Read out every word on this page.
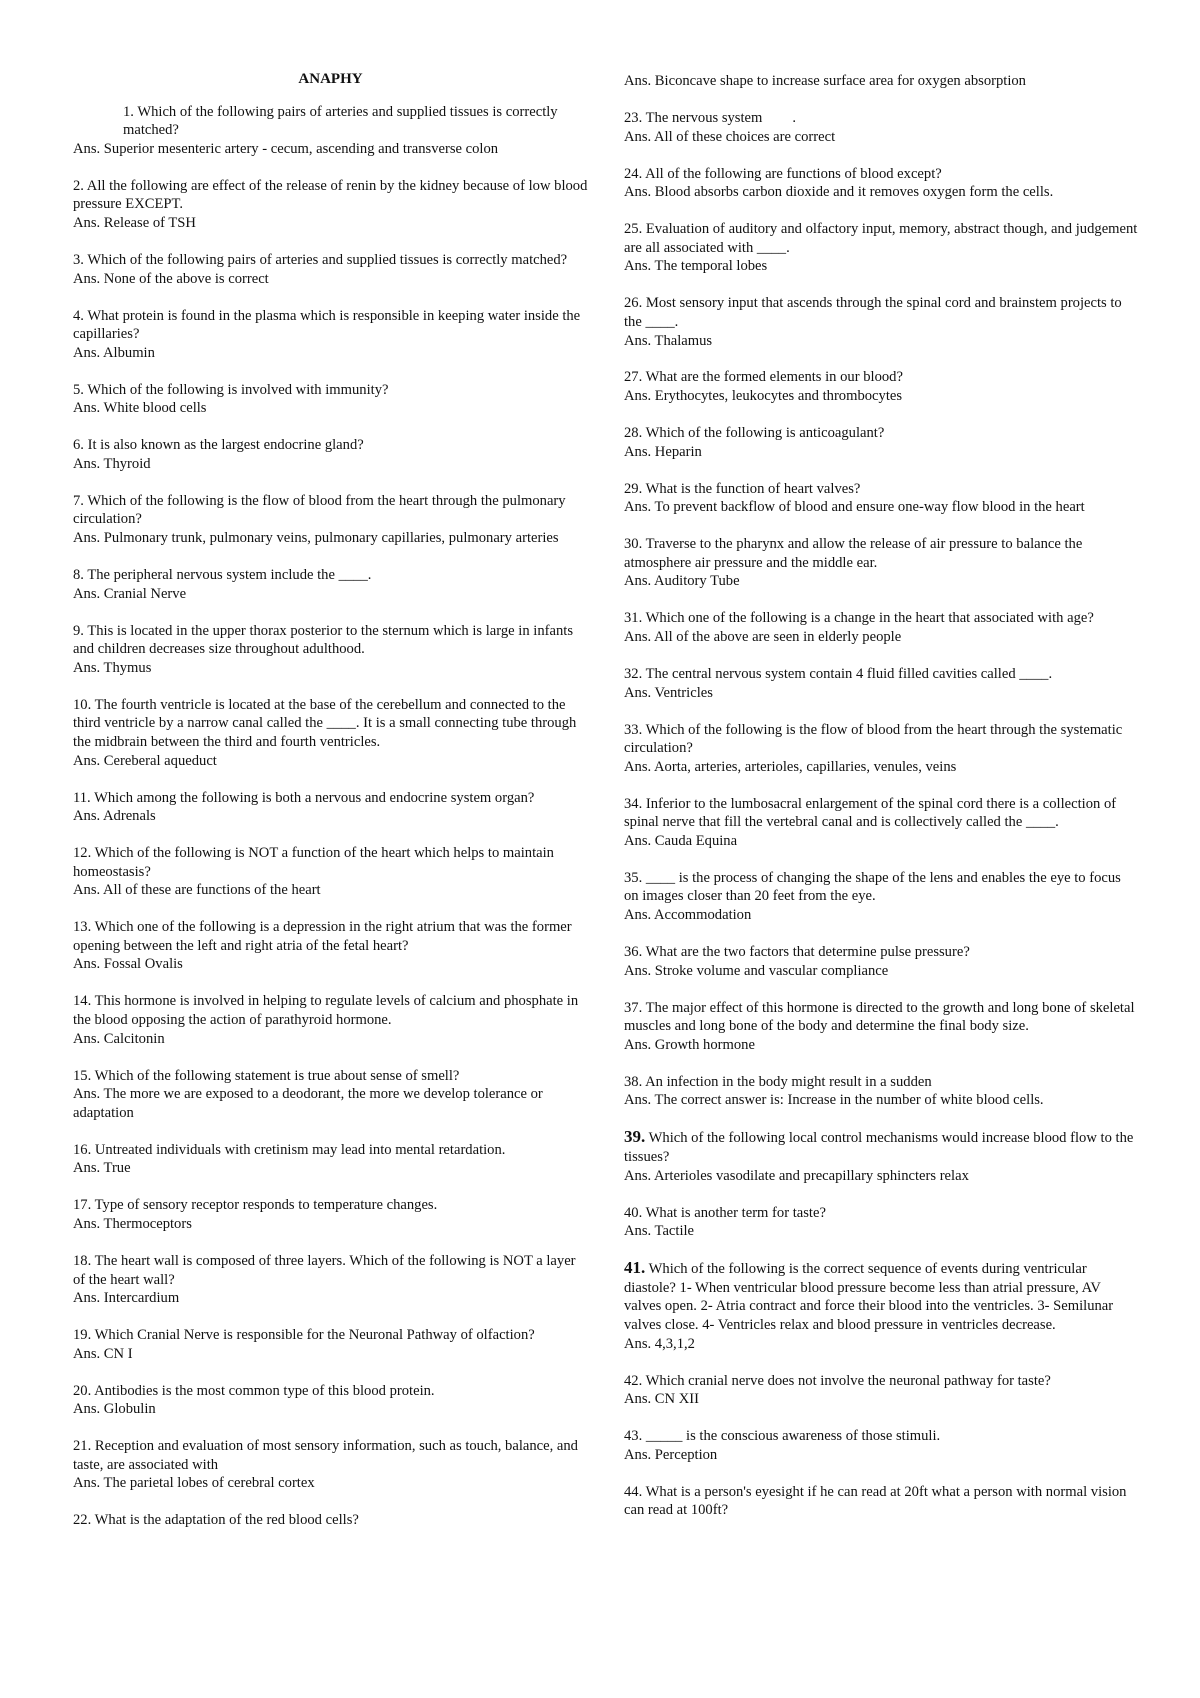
ANAPHY

1. Which of the following pairs of arteries and supplied tissues is correctly matched?

Ans. Superior mesenteric artery - cecum, ascending and transverse colon

2. All the following are effect of the release of renin by the kidney because of low blood pressure EXCEPT.

Ans. Release of TSH

3. Which of the following pairs of arteries and supplied tissues is correctly matched?

Ans. None of the above is correct

4. What protein is found in the plasma which is responsible in keeping water inside the capillaries?

Ans. Albumin

5. Which of the following is involved with immunity?

Ans. White blood cells

6. It is also known as the largest endocrine gland?

Ans. Thyroid

7. Which of the following is the flow of blood from the heart through the pulmonary circulation?

Ans. Pulmonary trunk, pulmonary veins, pulmonary capillaries, pulmonary arteries

8. The peripheral nervous system include the ____.

Ans. Cranial Nerve

9. This is located in the upper thorax posterior to the sternum which is large in infants and children decreases size throughout adulthood.

Ans. Thymus

10. The fourth ventricle is located at the base of the cerebellum and connected to the third ventricle by a narrow canal called the ____. It is a small connecting tube through the midbrain between the third and fourth ventricles.

Ans. Cereberal aqueduct

11. Which among the following is both a nervous and endocrine system organ?

Ans. Adrenals

12. Which of the following is NOT a function of the heart which helps to maintain homeostasis?

Ans. All of these are functions of the heart

13. Which one of the following is a depression in the right atrium that was the former opening between the left and right atria of the fetal heart?

Ans. Fossal Ovalis

14. This hormone is involved in helping to regulate levels of calcium and phosphate in the blood opposing the action of parathyroid hormone.

Ans. Calcitonin

15. Which of the following statement is true about sense of smell?

Ans. The more we are exposed to a deodorant, the more we develop tolerance or adaptation

16. Untreated individuals with cretinism may lead into mental retardation.

Ans. True

17. Type of sensory receptor responds to temperature changes.

Ans. Thermoceptors

18. The heart wall is composed of three layers. Which of the following is NOT a layer of the heart wall?

Ans. Intercardium

19. Which Cranial Nerve is responsible for the Neuronal Pathway of olfaction?

Ans. CN I

20. Antibodies is the most common type of this blood protein.

Ans. Globulin

21. Reception and evaluation of most sensory information, such as touch, balance, and taste, are associated with

Ans. The parietal lobes of cerebral cortex

22. What is the adaptation of the red blood cells?

Ans. Biconcave shape to increase surface area for oxygen absorption

23. The nervous system .

Ans. All of these choices are correct

24. All of the following are functions of blood except?

Ans. Blood absorbs carbon dioxide and it removes oxygen form the cells.

25. Evaluation of auditory and olfactory input, memory, abstract though, and judgement are all associated with ____.

Ans. The temporal lobes

26. Most sensory input that ascends through the spinal cord and brainstem projects to the ____.

Ans. Thalamus

27. What are the formed elements in our blood?

Ans. Erythocytes, leukocytes and thrombocytes

28. Which of the following is anticoagulant?

Ans. Heparin

29. What is the function of heart valves?

Ans. To prevent backflow of blood and ensure one-way flow blood in the heart

30. Traverse to the pharynx and allow the release of air pressure to balance the atmosphere air pressure and the middle ear.

Ans. Auditory Tube

31. Which one of the following is a change in the heart that associated with age?

Ans. All of the above are seen in elderly people

32. The central nervous system contain 4 fluid filled cavities called ____.

Ans. Ventricles

33. Which of the following is the flow of blood from the heart through the systematic circulation?

Ans. Aorta, arteries, arterioles, capillaries, venules, veins

34. Inferior to the lumbosacral enlargement of the spinal cord there is a collection of spinal nerve that fill the vertebral canal and is collectively called the ____.

Ans. Cauda Equina

35. ____ is the process of changing the shape of the lens and enables the eye to focus on images closer than 20 feet from the eye.

Ans. Accommodation

36. What are the two factors that determine pulse pressure?

Ans. Stroke volume and vascular compliance

37. The major effect of this hormone is directed to the growth and long bone of skeletal muscles and long bone of the body and determine the final body size.

Ans. Growth hormone

38. An infection in the body might result in a sudden

Ans. The correct answer is: Increase in the number of white blood cells.

39. Which of the following local control mechanisms would increase blood flow to the tissues?

Ans. Arterioles vasodilate and precapillary sphincters relax

40. What is another term for taste?

Ans. Tactile

41. Which of the following is the correct sequence of events during ventricular diastole? 1- When ventricular blood pressure become less than atrial pressure, AV valves open. 2- Atria contract and force their blood into the ventricles. 3- Semilunar valves close. 4- Ventricles relax and blood pressure in ventricles decrease.

Ans. 4,3,1,2

42. Which cranial nerve does not involve the neuronal pathway for taste?

Ans. CN XII

43. _____ is the conscious awareness of those stimuli.

Ans. Perception

44. What is a person's eyesight if he can read at 20ft what a person with normal vision can read at 100ft?
